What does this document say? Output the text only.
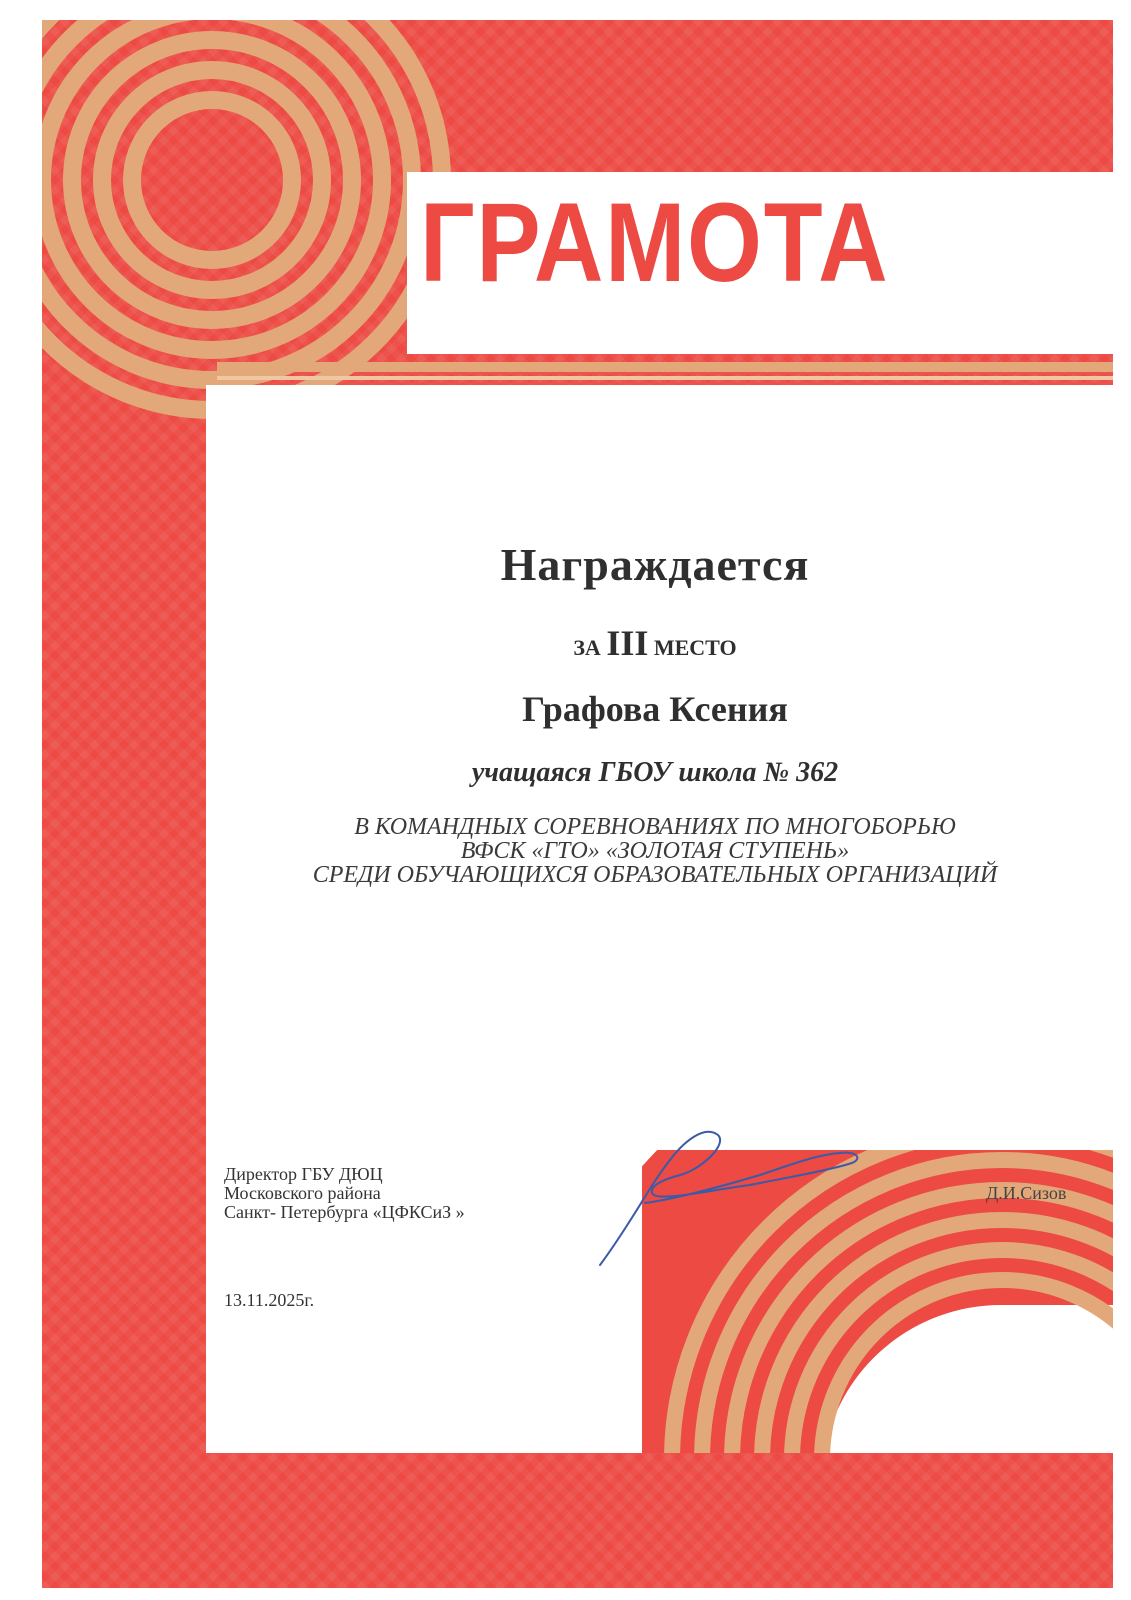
ГРАМОТА
Награждается
ЗА III МЕСТО
Графова Ксения
учащаяся ГБОУ школа № 362
В КОМАНДНЫХ СОРЕВНОВАНИЯХ ПО МНОГОБОРЬЮ
ВФСК «ГТО» «ЗОЛОТАЯ СТУПЕНЬ»
СРЕДИ ОБУЧАЮЩИХСЯ ОБРАЗОВАТЕЛЬНЫХ ОРГАНИЗАЦИЙ
Директор ГБУ ДЮЦ
Московского района
Санкт- Петербурга «ЦФКСиЗ »
Д.И.Сизов
13.11.2025г.
